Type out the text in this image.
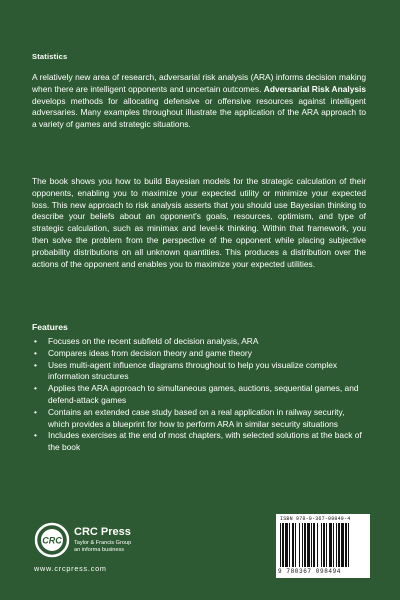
Statistics

A relatively new area of research, adversarial risk analysis (ARA) informs decision making when there are intelligent opponents and uncertain outcomes. Adversarial Risk Analysis develops methods for allocating defensive or offensive resources against intelligent adversaries. Many examples throughout illustrate the application of the ARA approach to a variety of games and strategic situations.

The book shows you how to build Bayesian models for the strategic calculation of their opponents, enabling you to maximize your expected utility or minimize your expected loss. This new approach to risk analysis asserts that you should use Bayesian thinking to describe your beliefs about an opponent's goals, resources, optimism, and type of strategic calculation, such as minimax and level-k thinking. Within that framework, you then solve the problem from the perspective of the opponent while placing subjective probability distributions on all unknown quantities. This produces a distribution over the actions of the opponent and enables you to maximize your expected utilities.

Features
• Focuses on the recent subfield of decision analysis, ARA
• Compares ideas from decision theory and game theory
• Uses multi-agent influence diagrams throughout to help you visualize complex information structures
• Applies the ARA approach to simultaneous games, auctions, sequential games, and defend-attack games
• Contains an extended case study based on a real application in railway security, which provides a blueprint for how to perform ARA in similar security situations
• Includes exercises at the end of most chapters, with selected solutions at the back of the book
CRC
CRC Press
Taylor & Francis Group
an informa business
www.crcpress.com
ISBN 978-0-367-09849-4
9 780367 098494
